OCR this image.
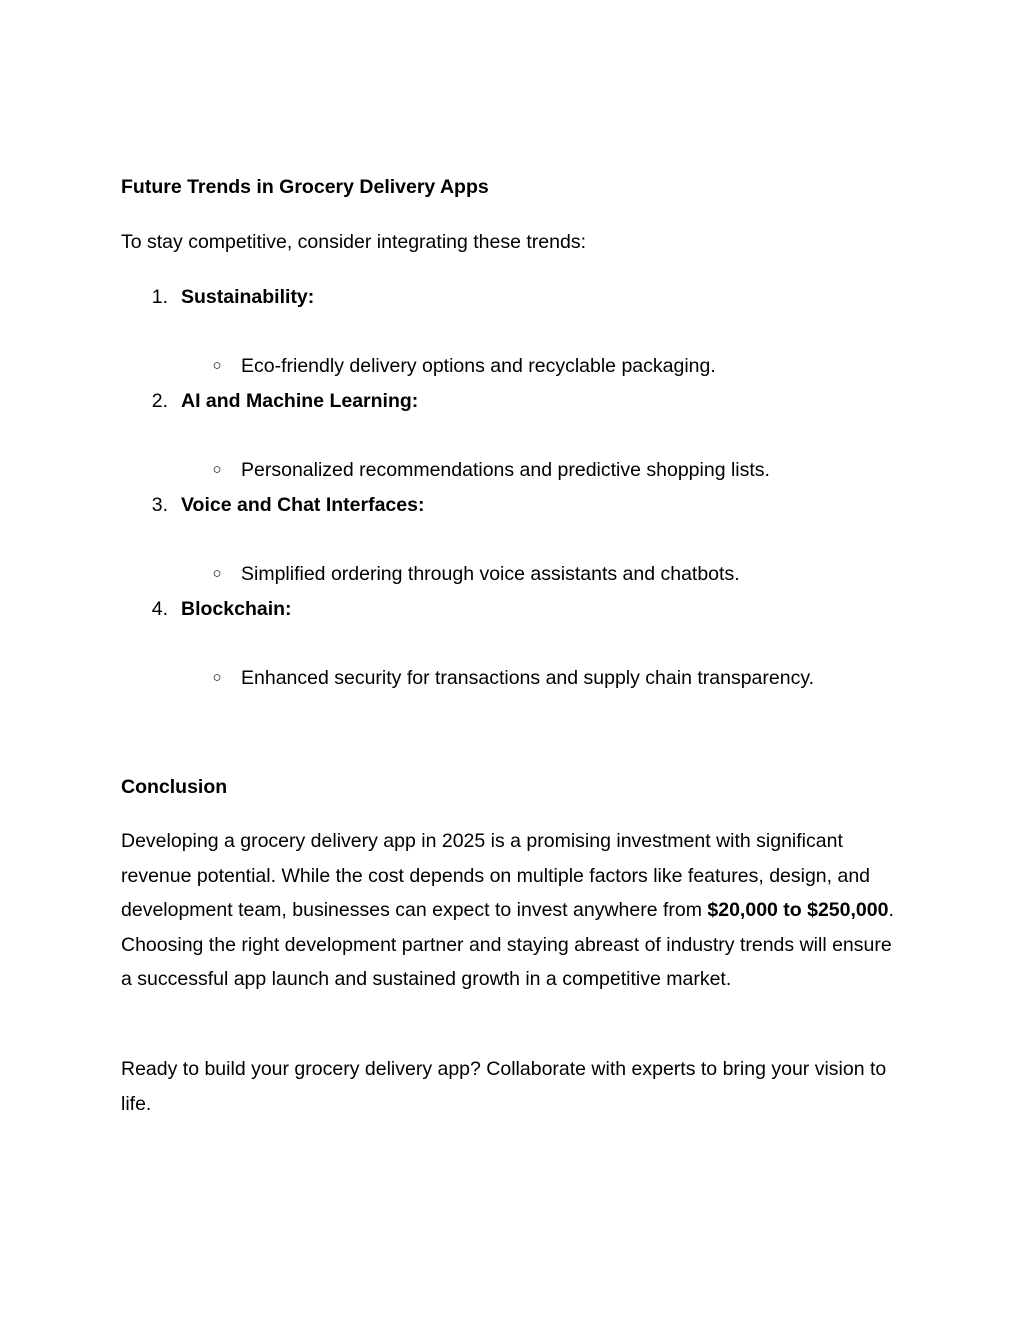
Future Trends in Grocery Delivery Apps
To stay competitive, consider integrating these trends:
1. Sustainability:
○ Eco-friendly delivery options and recyclable packaging.
2. AI and Machine Learning:
○ Personalized recommendations and predictive shopping lists.
3. Voice and Chat Interfaces:
○ Simplified ordering through voice assistants and chatbots.
4. Blockchain:
○ Enhanced security for transactions and supply chain transparency.
Conclusion

Developing a grocery delivery app in 2025 is a promising investment with significant revenue potential. While the cost depends on multiple factors like features, design, and development team, businesses can expect to invest anywhere from $20,000 to $250,000. Choosing the right development partner and staying abreast of industry trends will ensure a successful app launch and sustained growth in a competitive market.

Ready to build your grocery delivery app? Collaborate with experts to bring your vision to life.
